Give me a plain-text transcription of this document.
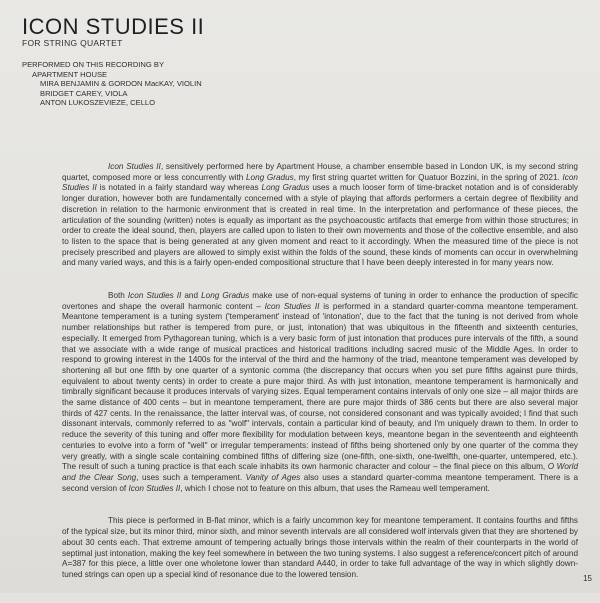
ICON STUDIES II
FOR STRING QUARTET
PERFORMED ON THIS RECORDING BY
APARTMENT HOUSE
MIRA BENJAMIN & GORDON MacKAY, VIOLIN
BRIDGET CAREY, VIOLA
ANTON LUKOSZEVIEZE, CELLO

Icon Studies II, sensitively performed here by Apartment House, a chamber ensemble based in London UK, is my second string quartet, composed more or less concurrently with Long Gradus, my first string quartet written for Quatuor Bozzini, in the spring of 2021. Icon Studies II is notated in a fairly standard way whereas Long Gradus uses a much looser form of time-bracket notation and is of considerably longer duration, however both are fundamentally concerned with a style of playing that affords performers a certain degree of flexibility and discretion in relation to the harmonic environment that is created in real time. In the interpretation and performance of these pieces, the articulation of the sounding (written) notes is equally as important as the psychoacoustic artifacts that emerge from within those structures; in order to create the ideal sound, then, players are called upon to listen to their own movements and those of the collective ensemble, and also to listen to the space that is being generated at any given moment and react to it accordingly. When the measured time of the piece is not precisely prescribed and players are allowed to simply exist within the folds of the sound, these kinds of moments can occur in overwhelming and many varied ways, and this is a fairly open-ended compositional structure that I have been deeply interested in for many years now.

Both Icon Studies II and Long Gradus make use of non-equal systems of tuning in order to enhance the production of specific overtones and shape the overall harmonic content – Icon Studies II is performed in a standard quarter-comma meantone temperament. Meantone temperament is a tuning system ('temperament' instead of 'intonation', due to the fact that the tuning is not derived from whole number relationships but rather is tempered from pure, or just, intonation) that was ubiquitous in the fifteenth and sixteenth centuries, especially. It emerged from Pythagorean tuning, which is a very basic form of just intonation that produces pure intervals of the fifth, a sound that we associate with a wide range of musical practices and historical traditions including sacred music of the Middle Ages. In order to respond to growing interest in the 1400s for the interval of the third and the harmony of the triad, meantone temperament was developed by shortening all but one fifth by one quarter of a syntonic comma (the discrepancy that occurs when you set pure fifths against pure thirds, equivalent to about twenty cents) in order to create a pure major third. As with just intonation, meantone temperament is harmonically and timbrally significant because it produces intervals of varying sizes. Equal temperament contains intervals of only one size – all major thirds are the same distance of 400 cents – but in meantone temperament, there are pure major thirds of 386 cents but there are also several major thirds of 427 cents. In the renaissance, the latter interval was, of course, not considered consonant and was typically avoided; I find that such dissonant intervals, commonly referred to as "wolf" intervals, contain a particular kind of beauty, and I'm uniquely drawn to them. In order to reduce the severity of this tuning and offer more flexibility for modulation between keys, meantone began in the seventeenth and eighteenth centuries to evolve into a form of "well" or irregular temperaments: instead of fifths being shortened only by one quarter of the comma they very greatly, with a single scale containing combined fifths of differing size (one-fifth, one-sixth, one-twelfth, one-quarter, untempered, etc.). The result of such a tuning practice is that each scale inhabits its own harmonic character and colour – the final piece on this album, O World and the Clear Song, uses such a temperament. Vanity of Ages also uses a standard quarter-comma meantone temperament. There is a second version of Icon Studies II, which I chose not to feature on this album, that uses the Rameau well temperament.

This piece is performed in B-flat minor, which is a fairly uncommon key for meantone temperament. It contains fourths and fifths of the typical size, but its minor third, minor sixth, and minor seventh intervals are all considered wolf intervals given that they are shortened by about 30 cents each. That extreme amount of tempering actually brings those intervals within the realm of their counterparts in the world of septimal just intonation, making the key feel somewhere in between the two tuning systems. I also suggest a reference/concert pitch of around A=387 for this piece, a little over one wholetone lower than standard A440, in order to take full advantage of the way in which slightly down-tuned strings can open up a special kind of resonance due to the lowered tension.	15
